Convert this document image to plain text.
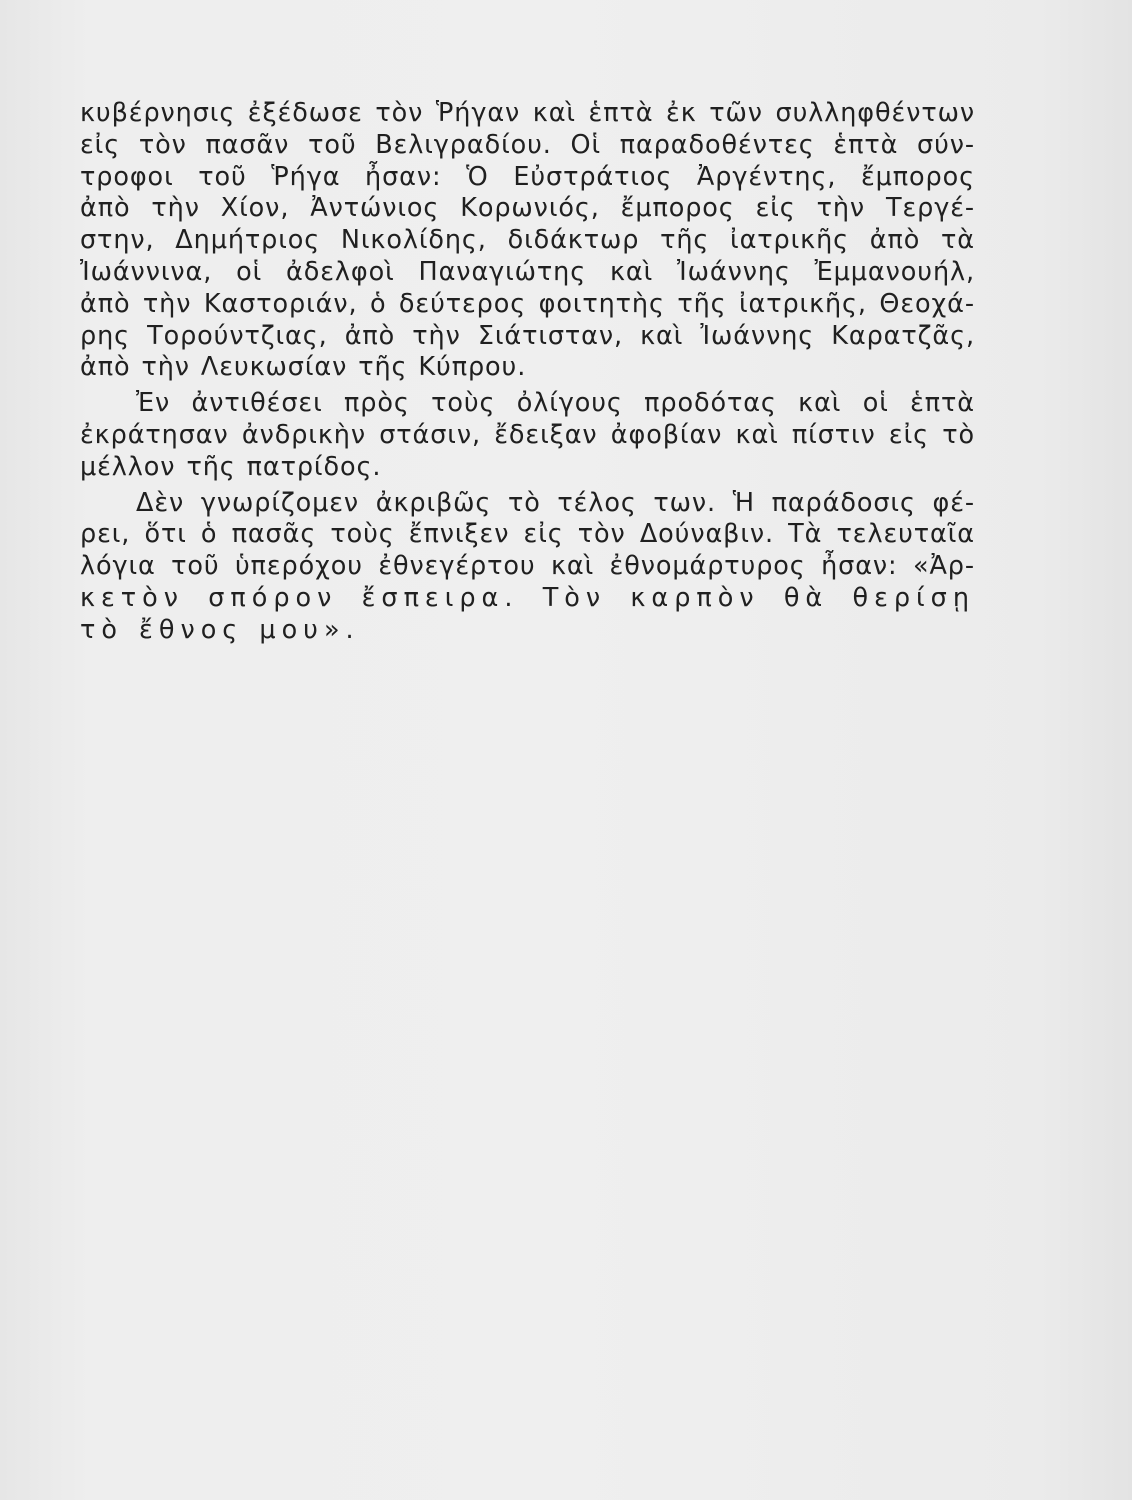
κυβέρνησις ἐξέδωσε τὸν Ῥήγαν καὶ ἑπτὰ ἐκ τῶν συλληφθέντων
εἰς τὸν πασᾶν τοῦ Βελιγραδίου. Οἱ παραδοθέντες ἑπτὰ σύν-
τροφοι τοῦ Ῥήγα ἦσαν: Ὁ Εὐστράτιος Ἀργέντης, ἔμπορος
ἀπὸ τὴν Χίον, Ἀντώνιος Κορωνιός, ἔμπορος εἰς τὴν Τεργέ-
στην, Δημήτριος Νικολίδης, διδάκτωρ τῆς ἰατρικῆς ἀπὸ τὰ
Ἰωάννινα, οἱ ἀδελφοὶ Παναγιώτης καὶ Ἰωάννης Ἐμμανουήλ,
ἀπὸ τὴν Καστοριάν, ὁ δεύτερος φοιτητὴς τῆς ἰατρικῆς, Θεοχά-
ρης Τορούντζιας, ἀπὸ τὴν Σιάτισταν, καὶ Ἰωάννης Καρατζᾶς,
ἀπὸ τὴν Λευκωσίαν τῆς Κύπρου.
Ἐν ἀντιθέσει πρὸς τοὺς ὀλίγους προδότας καὶ οἱ ἑπτὰ
ἐκράτησαν ἀνδρικὴν στάσιν, ἔδειξαν ἀφοβίαν καὶ πίστιν εἰς τὸ
μέλλον τῆς πατρίδος.
Δὲν γνωρίζομεν ἀκριβῶς τὸ τέλος των. Ἡ παράδοσις φέ-
ρει, ὅτι ὁ πασᾶς τοὺς ἔπνιξεν εἰς τὸν Δούναβιν. Τὰ τελευταῖα
λόγια τοῦ ὑπερόχου ἐθνεγέρτου καὶ ἐθνομάρτυρος ἦσαν: «Ἀρ-
κετὸν σπόρον ἔσπειρα. Τὸν καρπὸν θὰ θερίσῃ
τὸ ἔθνος μου».
